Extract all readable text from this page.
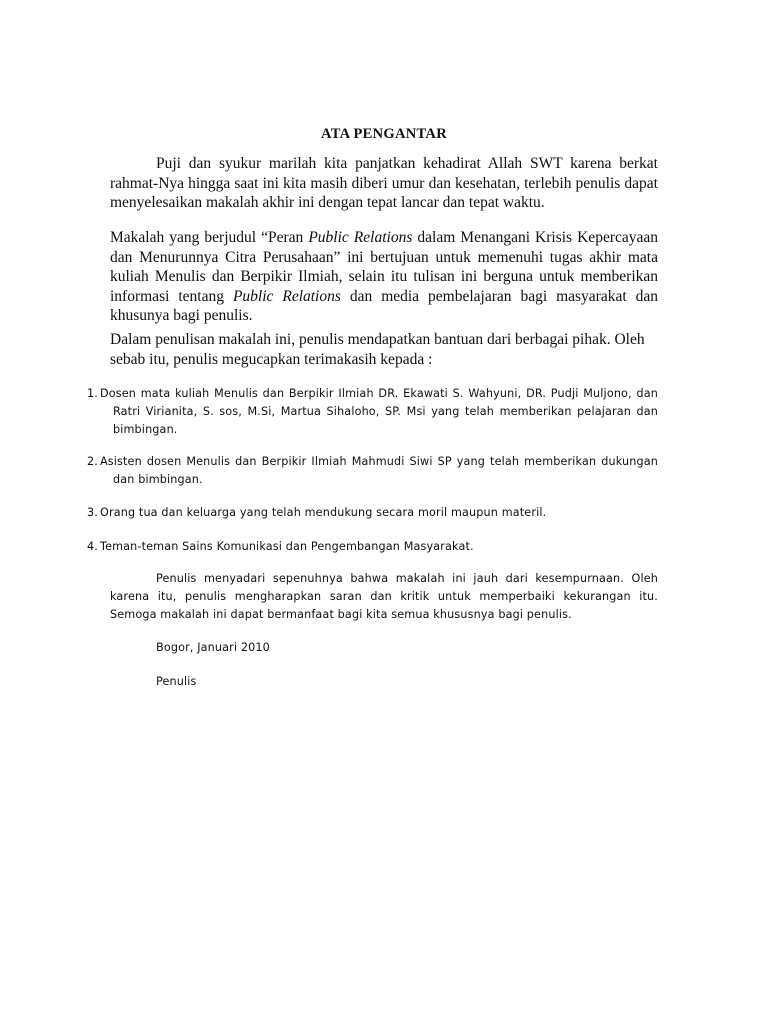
ATA PENGANTAR

Puji dan syukur marilah kita panjatkan kehadirat Allah SWT karena berkat rahmat-Nya hingga saat ini kita masih diberi umur dan kesehatan, terlebih penulis dapat menyelesaikan makalah akhir ini dengan tepat lancar dan tepat waktu.

Makalah yang berjudul “Peran Public Relations dalam Menangani Krisis Kepercayaan dan Menurunnya Citra Perusahaan” ini bertujuan untuk memenuhi tugas akhir mata kuliah Menulis dan Berpikir Ilmiah, selain itu tulisan ini berguna untuk memberikan informasi tentang Public Relations dan media pembelajaran bagi masyarakat dan khusunya bagi penulis.

Dalam penulisan makalah ini, penulis mendapatkan bantuan dari berbagai pihak. Oleh sebab itu, penulis megucapkan terimakasih kepada :

1. Dosen mata kuliah Menulis dan Berpikir Ilmiah DR. Ekawati S. Wahyuni, DR. Pudji Muljono, dan Ratri Virianita, S. sos, M.Si, Martua Sihaloho, SP. Msi yang telah memberikan pelajaran dan bimbingan.
2. Asisten dosen Menulis dan Berpikir Ilmiah Mahmudi Siwi SP yang telah memberikan dukungan dan bimbingan.
3. Orang tua dan keluarga yang telah mendukung secara moril maupun materil.
4. Teman-teman Sains Komunikasi dan Pengembangan Masyarakat.

Penulis menyadari sepenuhnya bahwa makalah ini jauh dari kesempurnaan. Oleh karena itu, penulis mengharapkan saran dan kritik untuk memperbaiki kekurangan itu. Semoga makalah ini dapat bermanfaat bagi kita semua khususnya bagi penulis.

Bogor, Januari 2010

Penulis
